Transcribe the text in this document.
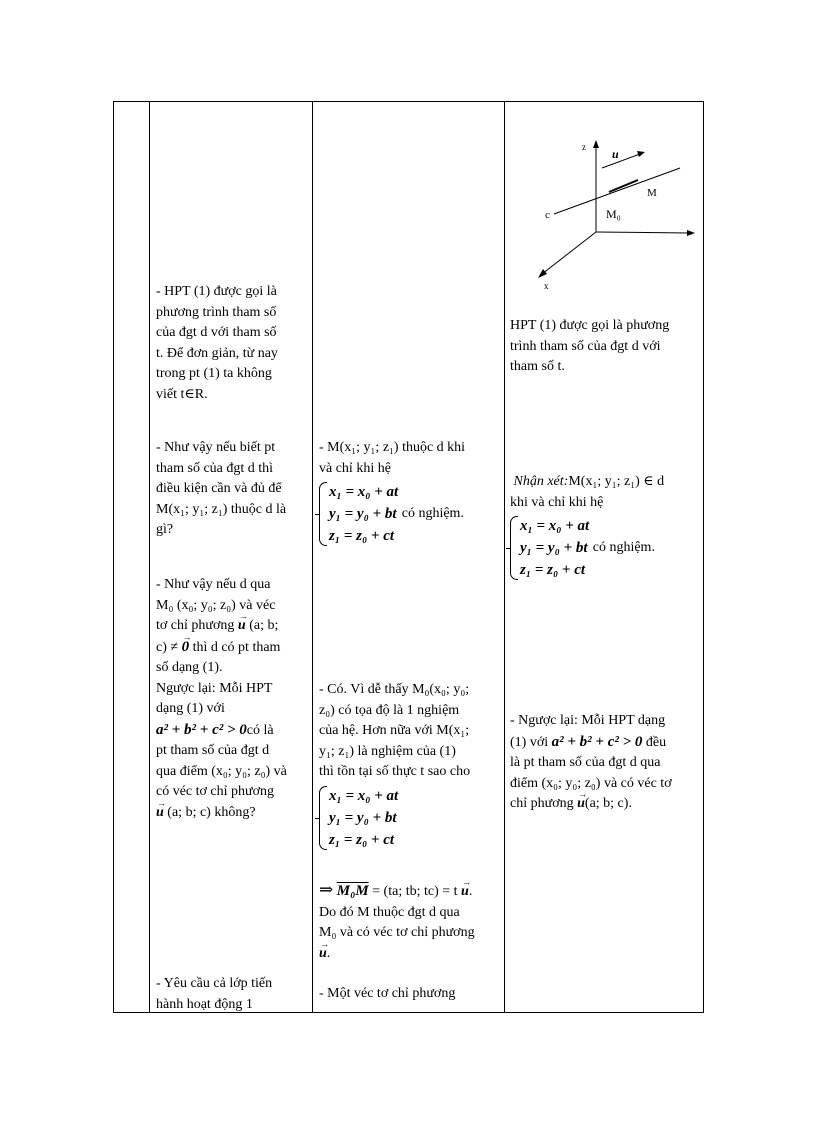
- HPT (1) được gọi là
phương trình tham số
của đgt d với tham số
t. Để đơn giản, từ nay
trong pt (1) ta không
viết t∈R.
- Như vậy nếu biết pt
tham số của đgt d thì
điều kiện cần và đủ để
M(x₁; y₁; z₁) thuộc d là
gì?
- Như vậy nếu d qua
M₀ (x₀; y₀; z₀) và véc
tơ chỉ phương → u (a; b;
c) ≠ → 0 thì d có pt tham
số dạng (1).
Ngược lại: Mỗi HPT
dạng (1) với
a² + b² + c² > 0có là
pt tham số của đgt d
qua điểm (x₀; y₀; z₀) và
có véc tơ chỉ phương
→ u (a; b; c) không?
- Yêu cầu cả lớp tiến
hành hoạt động 1
- M(x₁; y₁; z₁) thuộc d khi
và chỉ khi hệ
x₁ = x₀ + at
y₁ = y₀ + bt
z₁ = z₀ + ct
có nghiệm.
- Có. Vì dễ thấy M₀(x₀; y₀;
z₀) có tọa độ là 1 nghiệm
của hệ. Hơn nữa với M(x₁;
y₁; z₁) là nghiệm của (1)
thì tồn tại số thực t sao cho
x₁ = x₀ + at
y₁ = y₀ + bt
z₁ = z₀ + ct
⇒ M₀M = (ta; tb; tc) = t → u.
Do đó M thuộc đgt d qua
M₀ và có véc tơ chỉ phương
→ u.
- Một véc tơ chỉ phương
z
x
u
M₀
c
M
HPT (1) được gọi là phương
trình tham số của đgt d với
tham số t.
Nhận xét:M(x₁; y₁; z₁) ∈ d
khi và chỉ khi hệ
x₁ = x₀ + at
y₁ = y₀ + bt
z₁ = z₀ + ct
có nghiệm.
- Ngược lại: Mỗi HPT dạng
(1) với a² + b² + c² > 0 đều
là pt tham số của đgt d qua
điểm (x₀; y₀; z₀) và có véc tơ
chỉ phương → u(a; b; c).
